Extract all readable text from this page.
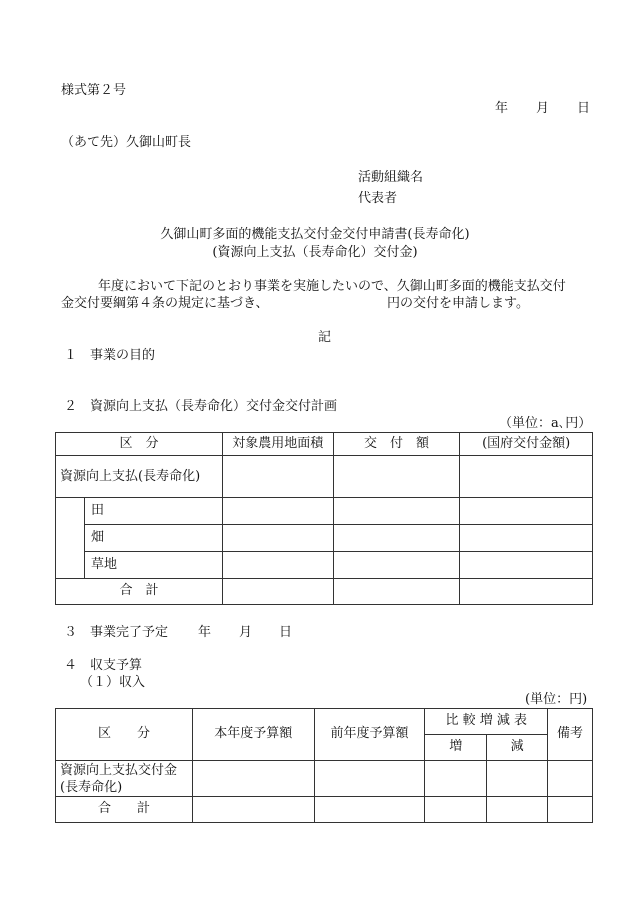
様式第２号
年 月 日
（あて先）久御山町長
活動組織名
代表者
久御山町多面的機能支払交付金交付申請書(長寿命化)
(資源向上支払（長寿命化）交付金)
年度において下記のとおり事業を実施したいので、久御山町多面的機能支払交付
金交付要綱第４条の規定に基づき、	円の交付を申請します。
記
１　事業の目的
２　資源向上支払（長寿命化）交付金交付計画
（単位：a､円）
区　分		対象農用地面積	交　付　額	(国府交付金額)
資源向上支払(長寿命化)				
	田			
	畑			
	草地			
合　計				
３　事業完了予定 年 月 日
４　収支予算
（１）収入
(単位：円)
区　　分	本年度予算額	前年度予算額	比 較 増 減 表		備考
			増	減	
資源向上支払交付金
(長寿命化)					
合　　計					
